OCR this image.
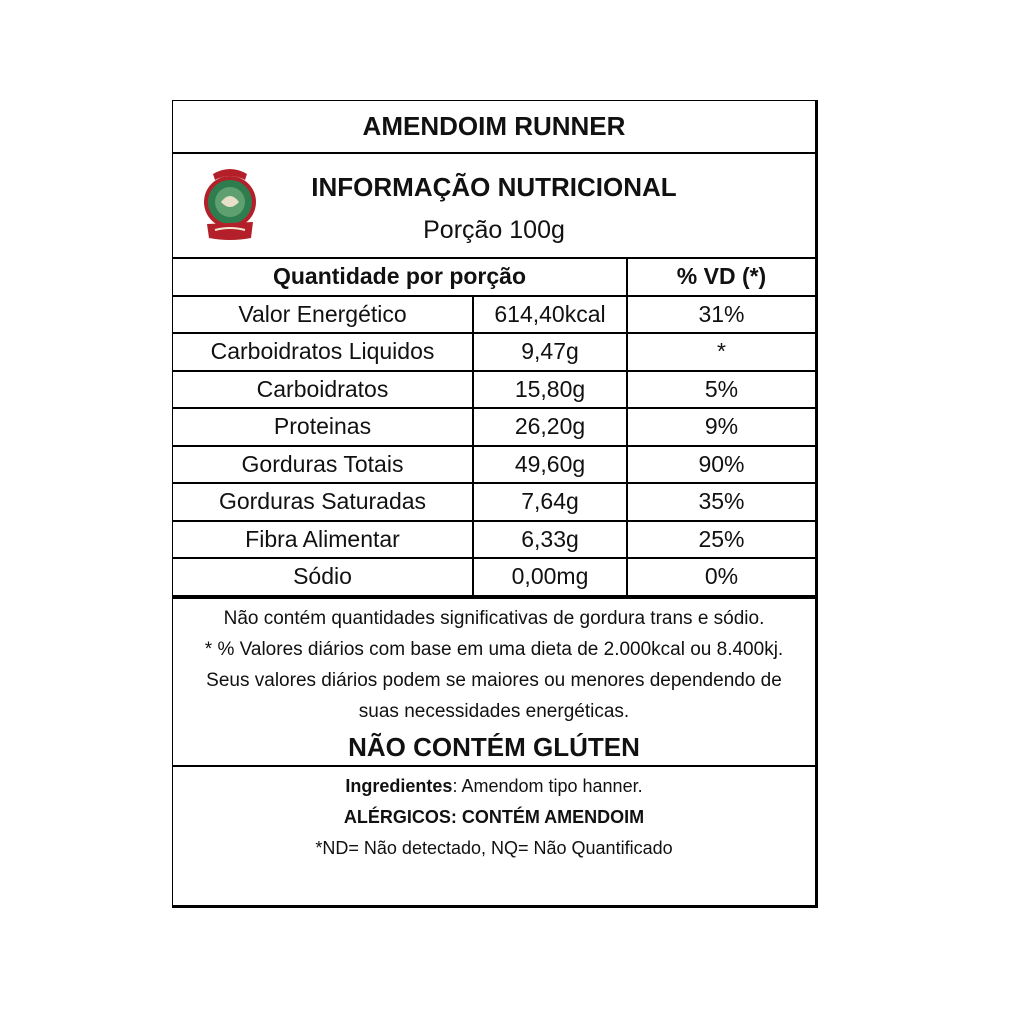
AMENDOIM RUNNER
INFORMAÇÃO NUTRICIONAL
Porção 100g
Quantidade por porção		% VD (*)
Valor Energético	614,40kcal	31%
Carboidratos Liquidos	9,47g	*
Carboidratos	15,80g	5%
Proteinas	26,20g	9%
Gorduras Totais	49,60g	90%
Gorduras Saturadas	7,64g	35%
Fibra Alimentar	6,33g	25%
Sódio	0,00mg	0%
Não contém quantidades significativas de gordura trans e sódio.
* % Valores diários com base em uma dieta de 2.000kcal ou 8.400kj.
Seus valores diários podem se maiores ou menores dependendo de
suas necessidades energéticas.
NÃO CONTÉM GLÚTEN
Ingredientes: Amendom tipo hanner.
ALÉRGICOS: CONTÉM AMENDOIM
*ND= Não detectado, NQ= Não Quantificado
